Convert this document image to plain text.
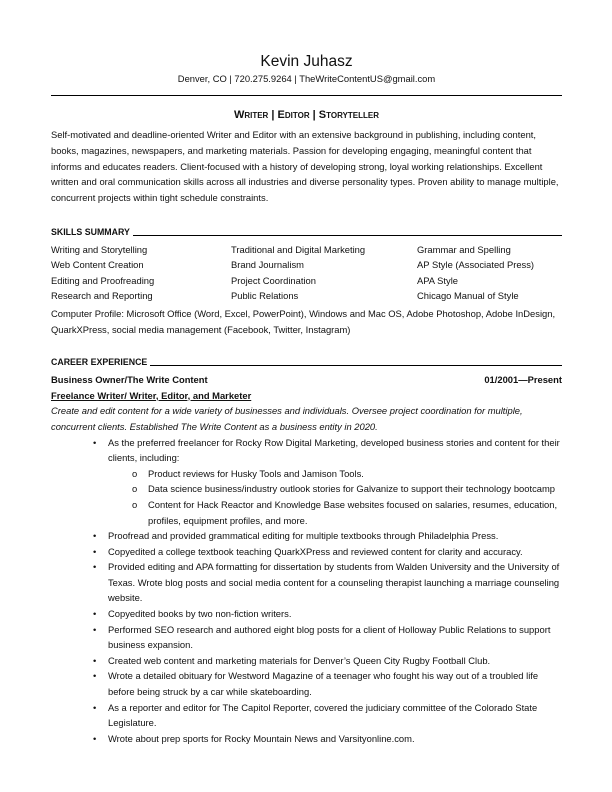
Kevin Juhasz
Denver, CO | 720.275.9264 | TheWriteContentUS@gmail.com
Writer | Editor | Storyteller

Self-motivated and deadline-oriented Writer and Editor with an extensive background in publishing, including content, books, magazines, newspapers, and marketing materials. Passion for developing engaging, meaningful content that informs and educates readers. Client-focused with a history of developing strong, loyal working relationships. Excellent written and oral communication skills across all industries and diverse personality types. Proven ability to manage multiple, concurrent projects within tight schedule constraints.

SKILLS SUMMARY
Writing and Storytelling	Traditional and Digital Marketing	Grammar and Spelling
Web Content Creation	Brand Journalism	AP Style (Associated Press)
Editing and Proofreading	Project Coordination	APA Style
Research and Reporting	Public Relations	Chicago Manual of Style

Computer Profile: Microsoft Office (Word, Excel, PowerPoint), Windows and Mac OS, Adobe Photoshop, Adobe InDesign, QuarkXPress, social media management (Facebook, Twitter, Instagram)

CAREER EXPERIENCE
Business Owner/The Write Content	01/2001—Present
Freelance Writer/ Writer, Editor, and Marketer

Create and edit content for a wide variety of businesses and individuals. Oversee project coordination for multiple, concurrent clients. Established The Write Content as a business entity in 2020.

• As the preferred freelancer for Rocky Row Digital Marketing, developed business stories and content for their clients, including:
o Product reviews for Husky Tools and Jamison Tools.
o Data science business/industry outlook stories for Galvanize to support their technology bootcamp
o Content for Hack Reactor and Knowledge Base websites focused on salaries, resumes, education, profiles, equipment profiles, and more.
• Proofread and provided grammatical editing for multiple textbooks through Philadelphia Press.
• Copyedited a college textbook teaching QuarkXPress and reviewed content for clarity and accuracy.
• Provided editing and APA formatting for dissertation by students from Walden University and the University of Texas. Wrote blog posts and social media content for a counseling therapist launching a marriage counseling website.
• Copyedited books by two non-fiction writers.
• Performed SEO research and authored eight blog posts for a client of Holloway Public Relations to support business expansion.
• Created web content and marketing materials for Denver’s Queen City Rugby Football Club.
• Wrote a detailed obituary for Westword Magazine of a teenager who fought his way out of a troubled life before being struck by a car while skateboarding.
• As a reporter and editor for The Capitol Reporter, covered the judiciary committee of the Colorado State Legislature.
• Wrote about prep sports for Rocky Mountain News and Varsityonline.com.
